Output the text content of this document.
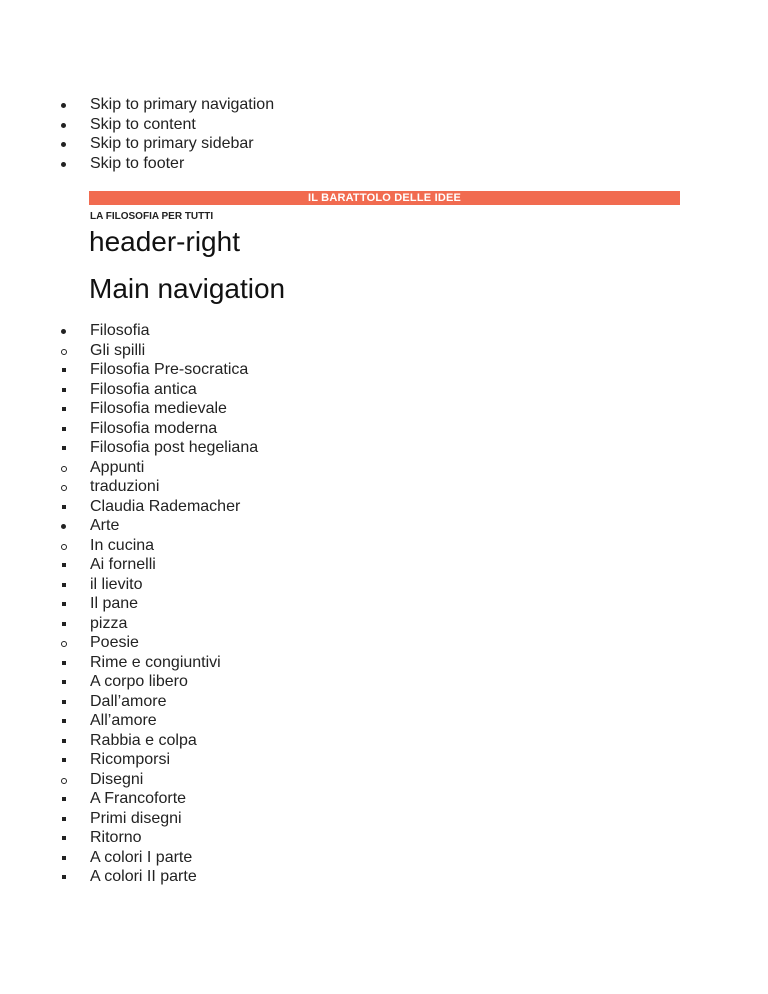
Skip to primary navigation
Skip to content
Skip to primary sidebar
Skip to footer
IL BARATTOLO DELLE IDEE
LA FILOSOFIA PER TUTTI
header-right
Main navigation
Filosofia
Gli spilli
Filosofia Pre-socratica
Filosofia antica
Filosofia medievale
Filosofia moderna
Filosofia post hegeliana
Appunti
traduzioni
Claudia Rademacher
Arte
In cucina
Ai fornelli
il lievito
Il pane
pizza
Poesie
Rime e congiuntivi
A corpo libero
Dall’amore
All’amore
Rabbia e colpa
Ricomporsi
Disegni
A Francoforte
Primi disegni
Ritorno
A colori I parte
A colori II parte
